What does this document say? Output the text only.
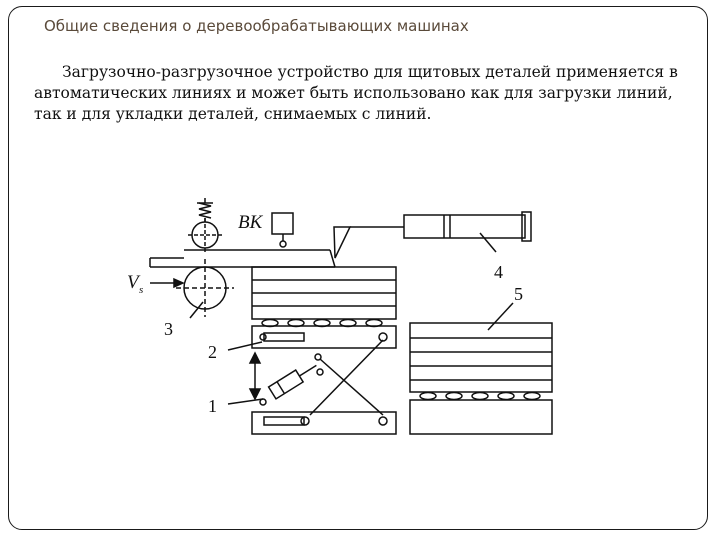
Общие сведения о деревообрабатывающих машинах

Загрузочно-разгрузочное устройство для щитовых деталей применяется в автоматических линиях и может быть использовано как для загрузки линий, так и для укладки деталей, снимаемых с линий.

ВК
V s
3
2
1
4
5
